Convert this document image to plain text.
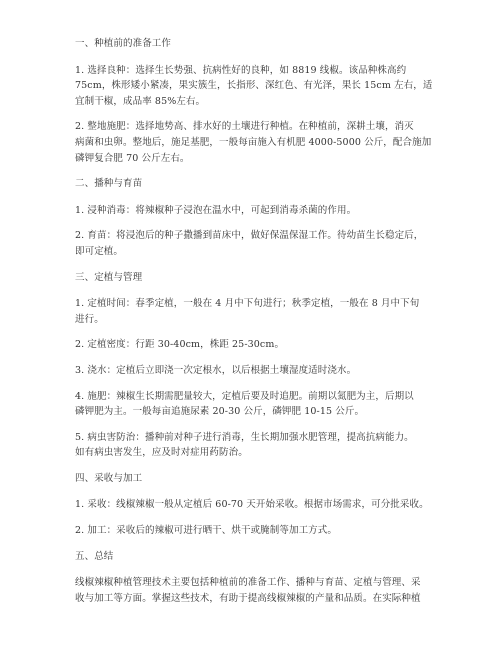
一、种植前的准备工作

1. 选择良种：选择生长势强、抗病性好的良种，如 8819 线椒。该品种株高约
75cm，株形矮小紧凑，果实簇生，长指形、深红色、有光泽，果长 15cm 左右，适
宜制干椒，成品率 85%左右。

2. 整地施肥：选择地势高、排水好的土壤进行种植。在种植前，深耕土壤，消灭
病菌和虫卵。整地后，施足基肥，一般每亩施入有机肥 4000-5000 公斤，配合施加
磷钾复合肥 70 公斤左右。

二、播种与育苗

1. 浸种消毒：将辣椒种子浸泡在温水中，可起到消毒杀菌的作用。

2. 育苗：将浸泡后的种子撒播到苗床中，做好保温保湿工作。待幼苗生长稳定后，
即可定植。

三、定植与管理

1. 定植时间：春季定植，一般在 4 月中下旬进行；秋季定植，一般在 8 月中下旬
进行。

2. 定植密度：行距 30-40cm，株距 25-30cm。

3. 浇水：定植后立即浇一次定根水，以后根据土壤湿度适时浇水。

4. 施肥：辣椒生长期需肥量较大，定植后要及时追肥。前期以氮肥为主，后期以
磷钾肥为主。一般每亩追施尿素 20-30 公斤，磷钾肥 10-15 公斤。

5. 病虫害防治：播种前对种子进行消毒，生长期加强水肥管理，提高抗病能力。
如有病虫害发生，应及时对症用药防治。

四、采收与加工

1. 采收：线椒辣椒一般从定植后 60-70 天开始采收。根据市场需求，可分批采收。

2. 加工：采收后的辣椒可进行晒干、烘干或腌制等加工方式。

五、总结

线椒辣椒种植管理技术主要包括种植前的准备工作、播种与育苗、定植与管理、采
收与加工等方面。掌握这些技术，有助于提高线椒辣椒的产量和品质。在实际种植
